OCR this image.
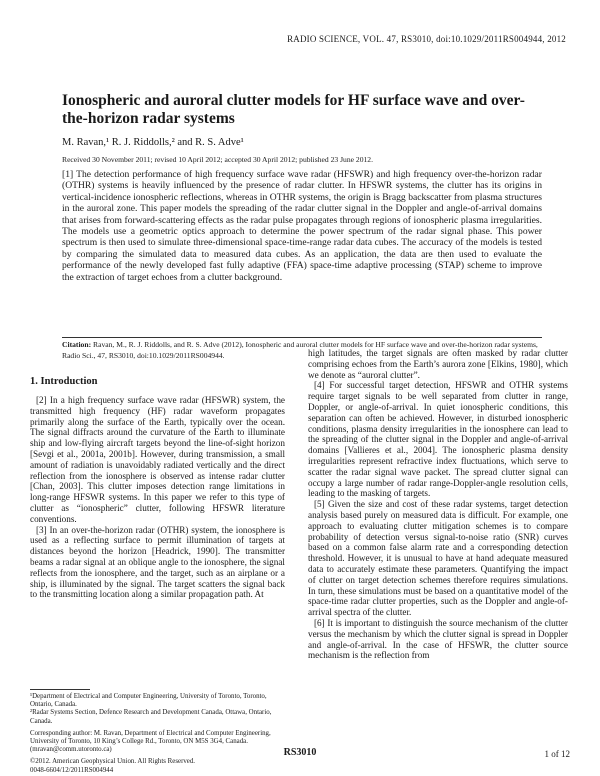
RADIO SCIENCE, VOL. 47, RS3010, doi:10.1029/2011RS004944, 2012
Ionospheric and auroral clutter models for HF surface wave and over-the-horizon radar systems
M. Ravan,¹ R. J. Riddolls,² and R. S. Adve¹
Received 30 November 2011; revised 10 April 2012; accepted 30 April 2012; published 23 June 2012.
[1] The detection performance of high frequency surface wave radar (HFSWR) and high frequency over-the-horizon radar (OTHR) systems is heavily influenced by the presence of radar clutter. In HFSWR systems, the clutter has its origins in vertical-incidence ionospheric reflections, whereas in OTHR systems, the origin is Bragg backscatter from plasma structures in the auroral zone. This paper models the spreading of the radar clutter signal in the Doppler and angle-of-arrival domains that arises from forward-scattering effects as the radar pulse propagates through regions of ionospheric plasma irregularities. The models use a geometric optics approach to determine the power spectrum of the radar signal phase. This power spectrum is then used to simulate three-dimensional space-time-range radar data cubes. The accuracy of the models is tested by comparing the simulated data to measured data cubes. As an application, the data are then used to evaluate the performance of the newly developed fast fully adaptive (FFA) space-time adaptive processing (STAP) scheme to improve the extraction of target echoes from a clutter background.
Citation: Ravan, M., R. J. Riddolls, and R. S. Adve (2012), Ionospheric and auroral clutter models for HF surface wave and over-the-horizon radar systems, Radio Sci., 47, RS3010, doi:10.1029/2011RS004944.
1. Introduction

[2] In a high frequency surface wave radar (HFSWR) system, the transmitted high frequency (HF) radar waveform propagates primarily along the surface of the Earth, typically over the ocean. The signal diffracts around the curvature of the Earth to illuminate ship and low-flying aircraft targets beyond the line-of-sight horizon [Sevgi et al., 2001a, 2001b]. However, during transmission, a small amount of radiation is unavoidably radiated vertically and the direct reflection from the ionosphere is observed as intense radar clutter [Chan, 2003]. This clutter imposes detection range limitations in long-range HFSWR systems. In this paper we refer to this type of clutter as “ionospheric” clutter, following HFSWR literature conventions.

[3] In an over-the-horizon radar (OTHR) system, the ionosphere is used as a reflecting surface to permit illumination of targets at distances beyond the horizon [Headrick, 1990]. The transmitter beams a radar signal at an oblique angle to the ionosphere, the signal reflects from the ionosphere, and the target, such as an airplane or a ship, is illuminated by the signal. The target scatters the signal back to the transmitting location along a similar propagation path. At

high latitudes, the target signals are often masked by radar clutter comprising echoes from the Earth’s aurora zone [Elkins, 1980], which we denote as “auroral clutter”.

[4] For successful target detection, HFSWR and OTHR systems require target signals to be well separated from clutter in range, Doppler, or angle-of-arrival. In quiet ionospheric conditions, this separation can often be achieved. However, in disturbed ionospheric conditions, plasma density irregularities in the ionosphere can lead to the spreading of the clutter signal in the Doppler and angle-of-arrival domains [Vallieres et al., 2004]. The ionospheric plasma density irregularities represent refractive index fluctuations, which serve to scatter the radar signal wave packet. The spread clutter signal can occupy a large number of radar range-Doppler-angle resolution cells, leading to the masking of targets.

[5] Given the size and cost of these radar systems, target detection analysis based purely on measured data is difficult. For example, one approach to evaluating clutter mitigation schemes is to compare probability of detection versus signal-to-noise ratio (SNR) curves based on a common false alarm rate and a corresponding detection threshold. However, it is unusual to have at hand adequate measured data to accurately estimate these parameters. Quantifying the impact of clutter on target detection schemes therefore requires simulations. In turn, these simulations must be based on a quantitative model of the space-time radar clutter properties, such as the Doppler and angle-of-arrival spectra of the clutter.

[6] It is important to distinguish the source mechanism of the clutter versus the mechanism by which the clutter signal is spread in Doppler and angle-of-arrival. In the case of HFSWR, the clutter source mechanism is the reflection from

¹Department of Electrical and Computer Engineering, University of Toronto, Toronto, Ontario, Canada.

²Radar Systems Section, Defence Research and Development Canada, Ottawa, Ontario, Canada.

Corresponding author: M. Ravan, Department of Electrical and Computer Engineering, University of Toronto, 10 King’s College Rd., Toronto, ON M5S 3G4, Canada. (mravan@comm.utoronto.ca)

©2012. American Geophysical Union. All Rights Reserved.

0048-6604/12/2011RS004944

RS3010	1 of 12
